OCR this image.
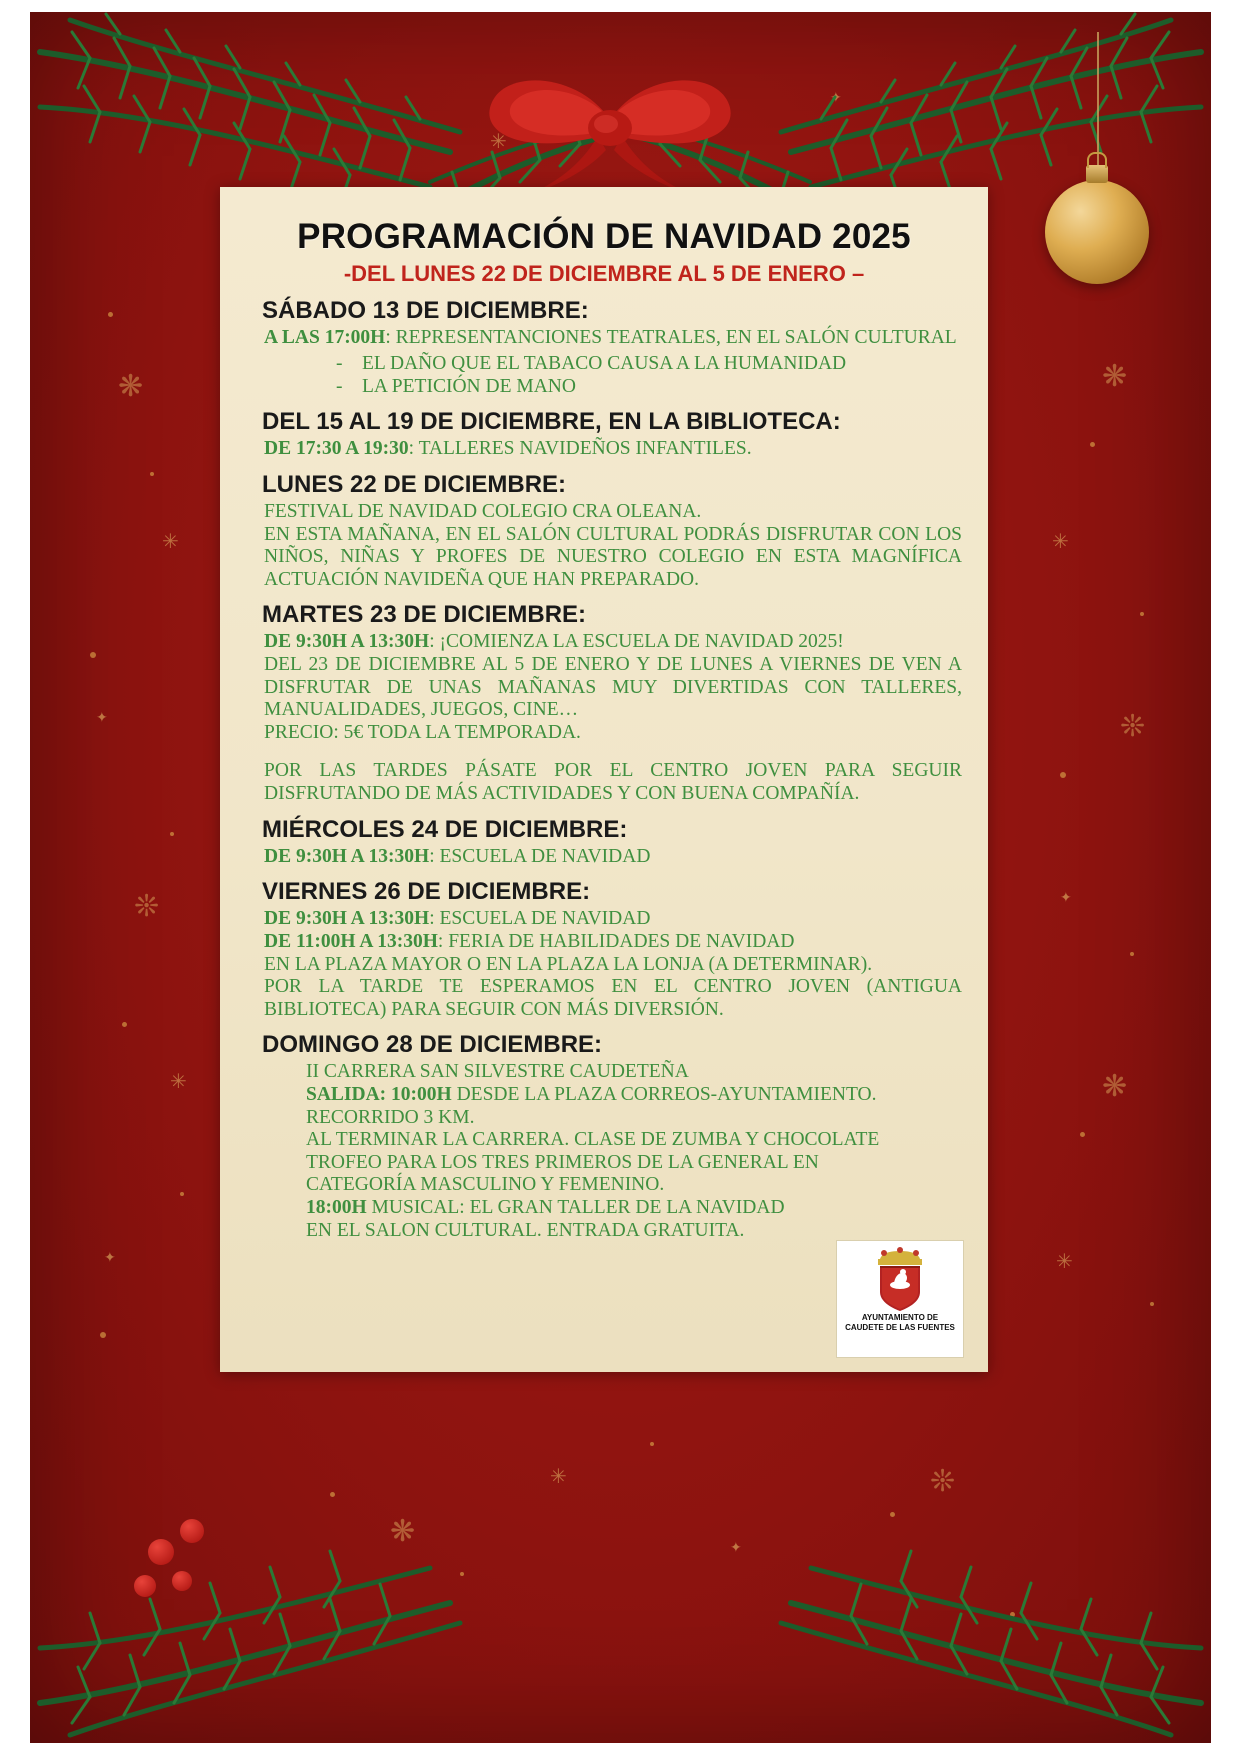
❋
✳
✦
❊
✳
✦
❋
✳
❊
✦
❋
✳
❋
✳
✦
❊
✳
✦
PROGRAMACIÓN DE NAVIDAD 2025
-DEL LUNES 22 DE DICIEMBRE AL 5 DE ENERO –
SÁBADO 13 DE DICIEMBRE:

A LAS 17:00H: REPRESENTANCIONES TEATRALES, EN EL SALÓN CULTURAL

- EL DAÑO QUE EL TABACO CAUSA A LA HUMANIDAD
- LA PETICIÓN DE MANO
DEL 15 AL 19 DE DICIEMBRE, EN LA BIBLIOTECA:

DE 17:30 A 19:30: TALLERES NAVIDEÑOS INFANTILES.

LUNES 22 DE DICIEMBRE:

FESTIVAL DE NAVIDAD COLEGIO CRA OLEANA.

EN ESTA MAÑANA, EN EL SALÓN CULTURAL PODRÁS DISFRUTAR CON LOS NIÑOS, NIÑAS Y PROFES DE NUESTRO COLEGIO EN ESTA MAGNÍFICA ACTUACIÓN NAVIDEÑA QUE HAN PREPARADO.

MARTES 23 DE DICIEMBRE:

DE 9:30H A 13:30H: ¡COMIENZA LA ESCUELA DE NAVIDAD 2025!

DEL 23 DE DICIEMBRE AL 5 DE ENERO Y DE LUNES A VIERNES DE VEN A DISFRUTAR DE UNAS MAÑANAS MUY DIVERTIDAS CON TALLERES, MANUALIDADES, JUEGOS, CINE…

PRECIO: 5€ TODA LA TEMPORADA.

POR LAS TARDES PÁSATE POR EL CENTRO JOVEN PARA SEGUIR DISFRUTANDO DE MÁS ACTIVIDADES Y CON BUENA COMPAÑÍA.

MIÉRCOLES 24 DE DICIEMBRE:

DE 9:30H A 13:30H: ESCUELA DE NAVIDAD

VIERNES 26 DE DICIEMBRE:

DE 9:30H A 13:30H: ESCUELA DE NAVIDAD

DE 11:00H A 13:30H: FERIA DE HABILIDADES DE NAVIDAD

EN LA PLAZA MAYOR O EN LA PLAZA LA LONJA (A DETERMINAR).

POR LA TARDE TE ESPERAMOS EN EL CENTRO JOVEN (ANTIGUA BIBLIOTECA) PARA SEGUIR CON MÁS DIVERSIÓN.

DOMINGO 28 DE DICIEMBRE:

II CARRERA SAN SILVESTRE CAUDETEÑA

SALIDA: 10:00H DESDE LA PLAZA CORREOS-AYUNTAMIENTO.

RECORRIDO 3 KM.

AL TERMINAR LA CARRERA. CLASE DE ZUMBA Y CHOCOLATE

TROFEO PARA LOS TRES PRIMEROS DE LA GENERAL EN CATEGORÍA MASCULINO Y FEMENINO.

18:00H MUSICAL: EL GRAN TALLER DE LA NAVIDAD

EN EL SALON CULTURAL. ENTRADA GRATUITA.

AYUNTAMIENTO DE
CAUDETE DE LAS FUENTES
